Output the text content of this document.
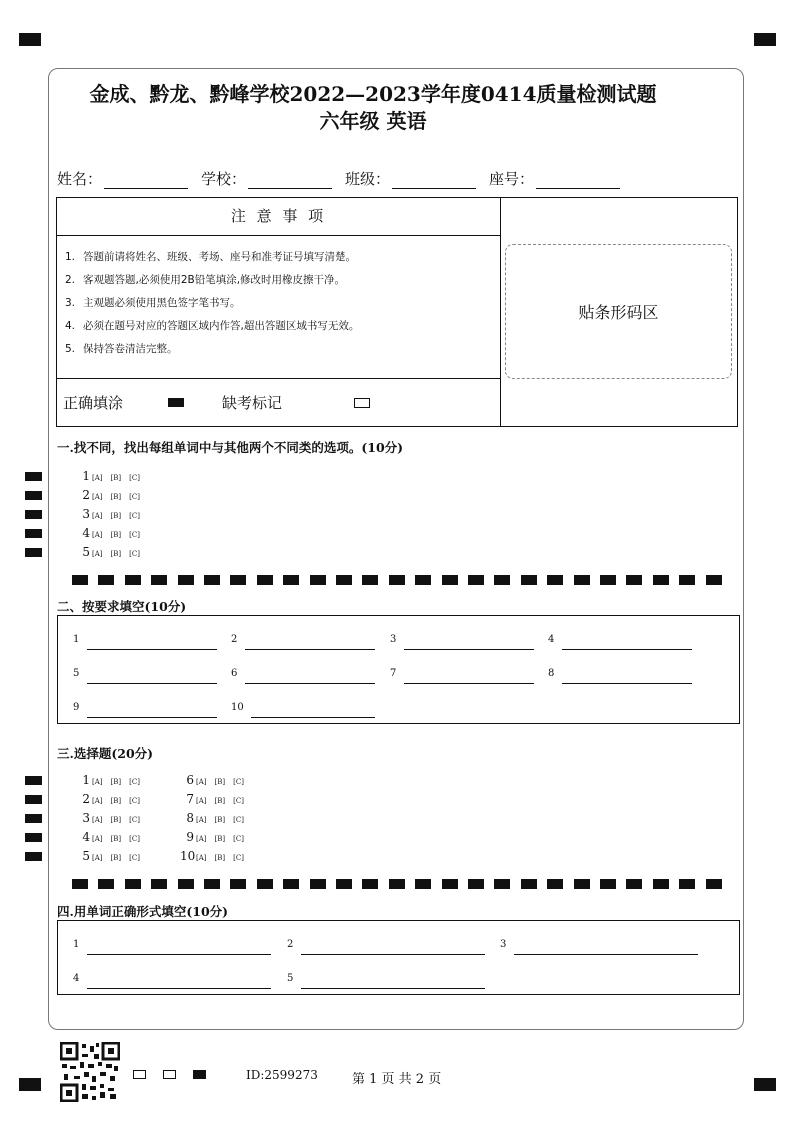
金成、黔龙、黔峰学校2022—2023学年度0414质量检测试题
六年级 英语
姓名：	学校：	班级：	座号：
注 意 事 项
1. 答题前请将姓名、班级、考场、座号和准考证号填写清楚。
2. 客观题答题,必须使用2B铅笔填涂,修改时用橡皮擦干净。
3. 主观题必须使用黑色签字笔书写。
4. 必须在题号对应的答题区域内作答,超出答题区域书写无效。
5. 保持答卷清洁完整。
正确填涂	缺考标记
贴条形码区
一.找不同，找出每组单词中与其他两个不同类的选项。(10分)
1 [A] [B] [C]
2 [A] [B] [C]
3 [A] [B] [C]
4 [A] [B] [C]
5 [A] [B] [C]
二、按要求填空(10分)
1	2	3	4
5	6	7	8
9	10
三.选择题(20分)
1 [A] [B] [C]
2 [A] [B] [C]
3 [A] [B] [C]
4 [A] [B] [C]
5 [A] [B] [C]
6 [A] [B] [C]
7 [A] [B] [C]
8 [A] [B] [C]
9 [A] [B] [C]
10[A] [B] [C]
四.用单词正确形式填空(10分)
1	2	3
4	5
ID:2599273	第 1 页 共 2 页
